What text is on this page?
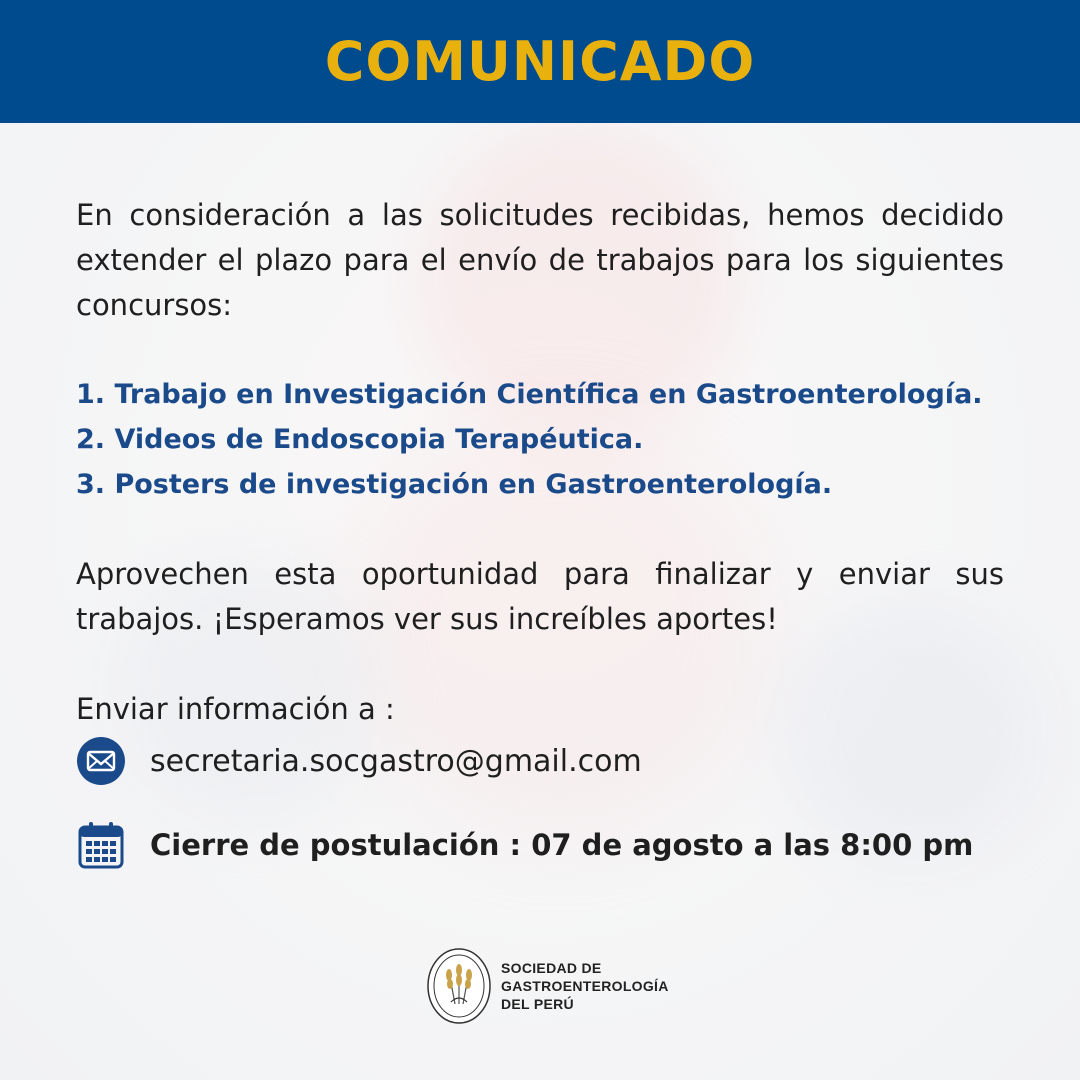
COMUNICADO

En consideración a las solicitudes recibidas, hemos decidido extender el plazo para el envío de trabajos para los siguientes concursos:

1. Trabajo en Investigación Científica en Gastroenterología.
2. Videos de Endoscopia Terapéutica.
3. Posters de investigación en Gastroenterología.

Aprovechen esta oportunidad para finalizar y enviar sus trabajos. ¡Esperamos ver sus increíbles aportes!

Enviar información a :

secretaria.socgastro@gmail.com
Cierre de postulación : 07 de agosto a las 8:00 pm
SOCIEDAD DE
GASTROENTEROLOGÍA
DEL PERÚ
